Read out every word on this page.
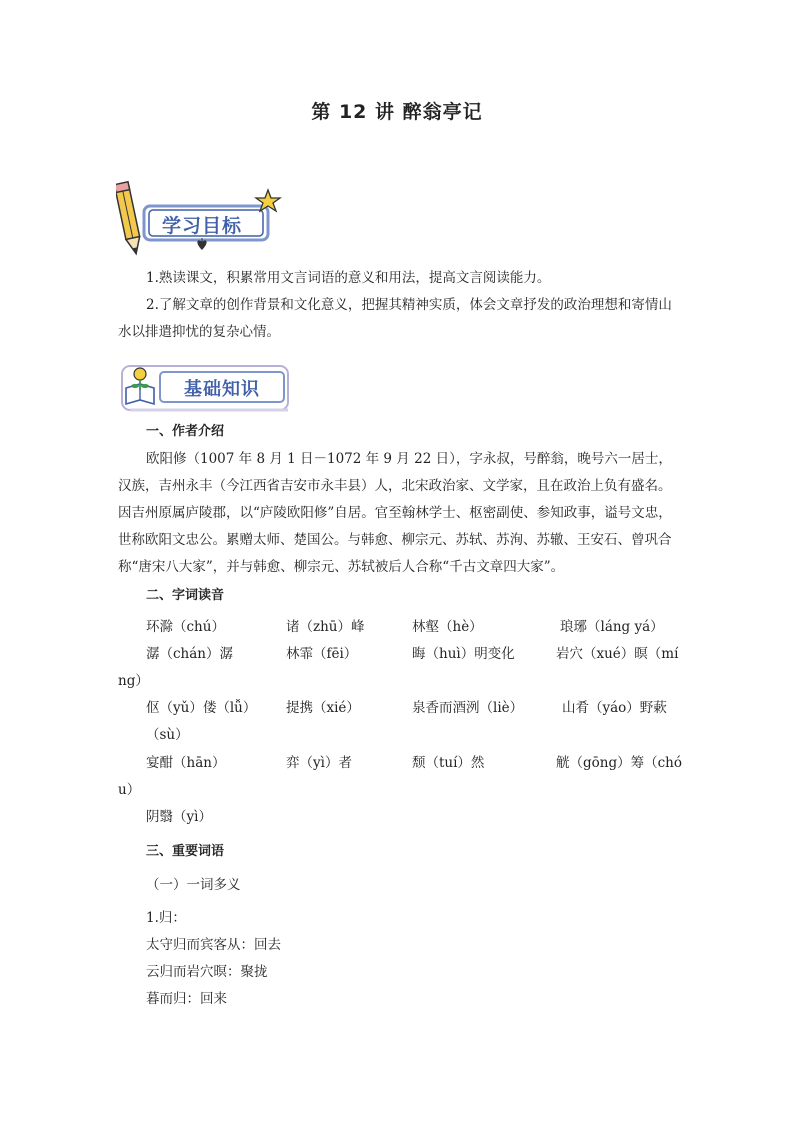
第 12 讲 醉翁亭记
学习目标

1.熟读课文，积累常用文言词语的意义和用法，提高文言阅读能力。

2.了解文章的创作背景和文化意义，把握其精神实质，体会文章抒发的政治理想和寄情山水以排遣抑忧的复杂心情。

基础知识

一、作者介绍

欧阳修（1007 年 8 月 1 日－1072 年 9 月 22 日），字永叔，号醉翁，晚号六一居士，汉族，吉州永丰（今江西省吉安市永丰县）人，北宋政治家、文学家，且在政治上负有盛名。因吉州原属庐陵郡，以“庐陵欧阳修”自居。官至翰林学士、枢密副使、参知政事，谥号文忠，世称欧阳文忠公。累赠太师、楚国公。与韩愈、柳宗元、苏轼、苏洵、苏辙、王安石、曾巩合称“唐宋八大家”，并与韩愈、柳宗元、苏轼被后人合称“千古文章四大家”。

二、字词读音

环滁（chú）	诸（zhū）峰	林壑（hè）	琅琊（láng yá）
潺（chán）潺	林霏（fēi）	晦（huì）明变化	岩穴（xué）暝（mí
ng）
伛（yǔ）偻（lǚ） 提携（xié）	泉香而酒洌（liè）	山肴（yáo）野蔌
（sù）
宴酣（hān）	弈（yì）者	颓（tuí）然	觥（gōng）筹（chó
u）
阴翳（yì）

三、重要词语

（一）一词多义

1.归：

太守归而宾客从：回去

云归而岩穴暝：聚拢

暮而归：回来
